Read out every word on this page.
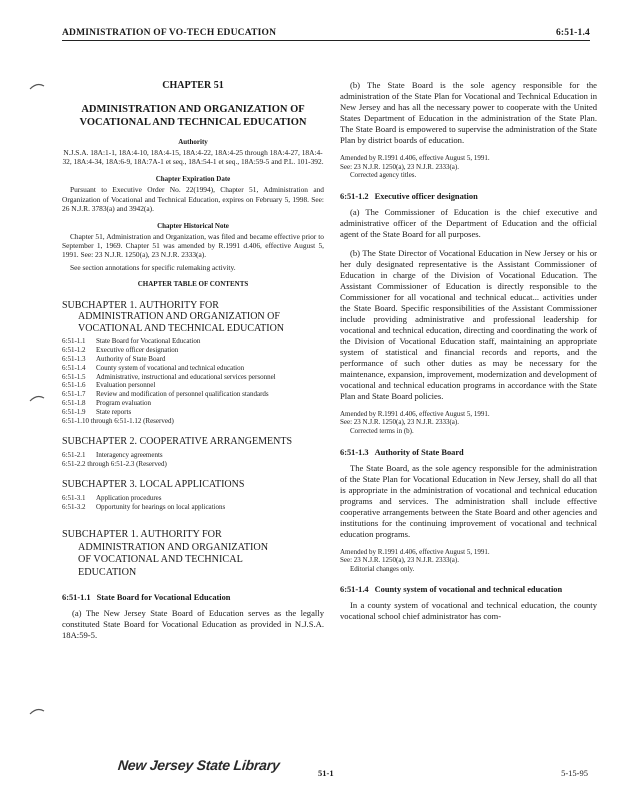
ADMINISTRATION OF VO-TECH EDUCATION	6:51-1.4
CHAPTER 51
ADMINISTRATION AND ORGANIZATION OF VOCATIONAL AND TECHNICAL EDUCATION
Authority
N.J.S.A. 18A:1-1, 18A:4-10, 18A:4-15, 18A:4-22, 18A:4-25 through 18A:4-27, 18A:4-32, 18A:4-34, 18A:6-9, 18A:7A-1 et seq., 18A:54-1 et seq., 18A:59-5 and P.L. 101-392.
Chapter Expiration Date
Pursuant to Executive Order No. 22(1994), Chapter 51, Administration and Organization of Vocational and Technical Education, expires on February 5, 1998. See: 26 N.J.R. 3783(a) and 3942(a).
Chapter Historical Note
Chapter 51, Administration and Organization, was filed and became effective prior to September 1, 1969. Chapter 51 was amended by R.1991 d.406, effective August 5, 1991. See: 23 N.J.R. 1250(a), 23 N.J.R. 2333(a).
See section annotations for specific rulemaking activity.
CHAPTER TABLE OF CONTENTS
SUBCHAPTER 1. AUTHORITY FOR
ADMINISTRATION AND ORGANIZATION OF
VOCATIONAL AND TECHNICAL EDUCATION
6:51-1.1	State Board for Vocational Education
6:51-1.2	Executive officer designation
6:51-1.3	Authority of State Board
6:51-1.4	County system of vocational and technical education
6:51-1.5	Administrative, instructional and educational services personnel
6:51-1.6	Evaluation personnel
6:51-1.7	Review and modification of personnel qualification standards
6:51-1.8	Program evaluation
6:51-1.9	State reports
6:51-1.10 through 6:51-1.12 (Reserved)
SUBCHAPTER 2. COOPERATIVE ARRANGEMENTS
6:51-2.1	Interagency agreements
6:51-2.2 through 6:51-2.3 (Reserved)
SUBCHAPTER 3. LOCAL APPLICATIONS
6:51-3.1	Application procedures
6:51-3.2	Opportunity for hearings on local applications
SUBCHAPTER 1. AUTHORITY FOR
ADMINISTRATION AND ORGANIZATION
OF VOCATIONAL AND TECHNICAL
EDUCATION
6:51-1.1 State Board for Vocational Education
(a) The New Jersey State Board of Education serves as the legally constituted State Board for Vocational Education as provided in N.J.S.A. 18A:59-5.
(b) The State Board is the sole agency responsible for the administration of the State Plan for Vocational and Technical Education in New Jersey and has all the necessary power to cooperate with the United States Department of Education in the administration of the State Plan. The State Board is empowered to supervise the administration of the State Plan by district boards of education.
Amended by R.1991 d.406, effective August 5, 1991.
See: 23 N.J.R. 1250(a), 23 N.J.R. 2333(a).
Corrected agency titles.
6:51-1.2 Executive officer designation
(a) The Commissioner of Education is the chief executive and administrative officer of the Department of Education and the official agent of the State Board for all purposes.
(b) The State Director of Vocational Education in New Jersey or his or her duly designated representative is the Assistant Commissioner of Education in charge of the Division of Vocational Education. The Assistant Commissioner of Education is directly responsible to the Commissioner for all vocational and technical educat... activities under the State Board. Specific responsibilities of the Assistant Commissioner include providing administrative and professional leadership for vocational and technical education, directing and coordinating the work of the Division of Vocational Education staff, maintaining an appropriate system of statistical and financial records and reports, and the performance of such other duties as may be necessary for the maintenance, expansion, improvement, modernization and development of vocational and technical education programs in accordance with the State Plan and State Board policies.
Amended by R.1991 d.406, effective August 5, 1991.
See: 23 N.J.R. 1250(a), 23 N.J.R. 2333(a).
Corrected terms in (b).
6:51-1.3 Authority of State Board
The State Board, as the sole agency responsible for the administration of the State Plan for Vocational Education in New Jersey, shall do all that is appropriate in the administration of vocational and technical education programs and services. The administration shall include effective cooperative arrangements between the State Board and other agencies and institutions for the continuing improvement of vocational and technical education programs.
Amended by R.1991 d.406, effective August 5, 1991.
See: 23 N.J.R. 1250(a), 23 N.J.R. 2333(a).
Editorial changes only.
6:51-1.4 County system of vocational and technical education
In a county system of vocational and technical education, the county vocational school chief administrator has com-
New Jersey State Library	51-1	5-15-95
